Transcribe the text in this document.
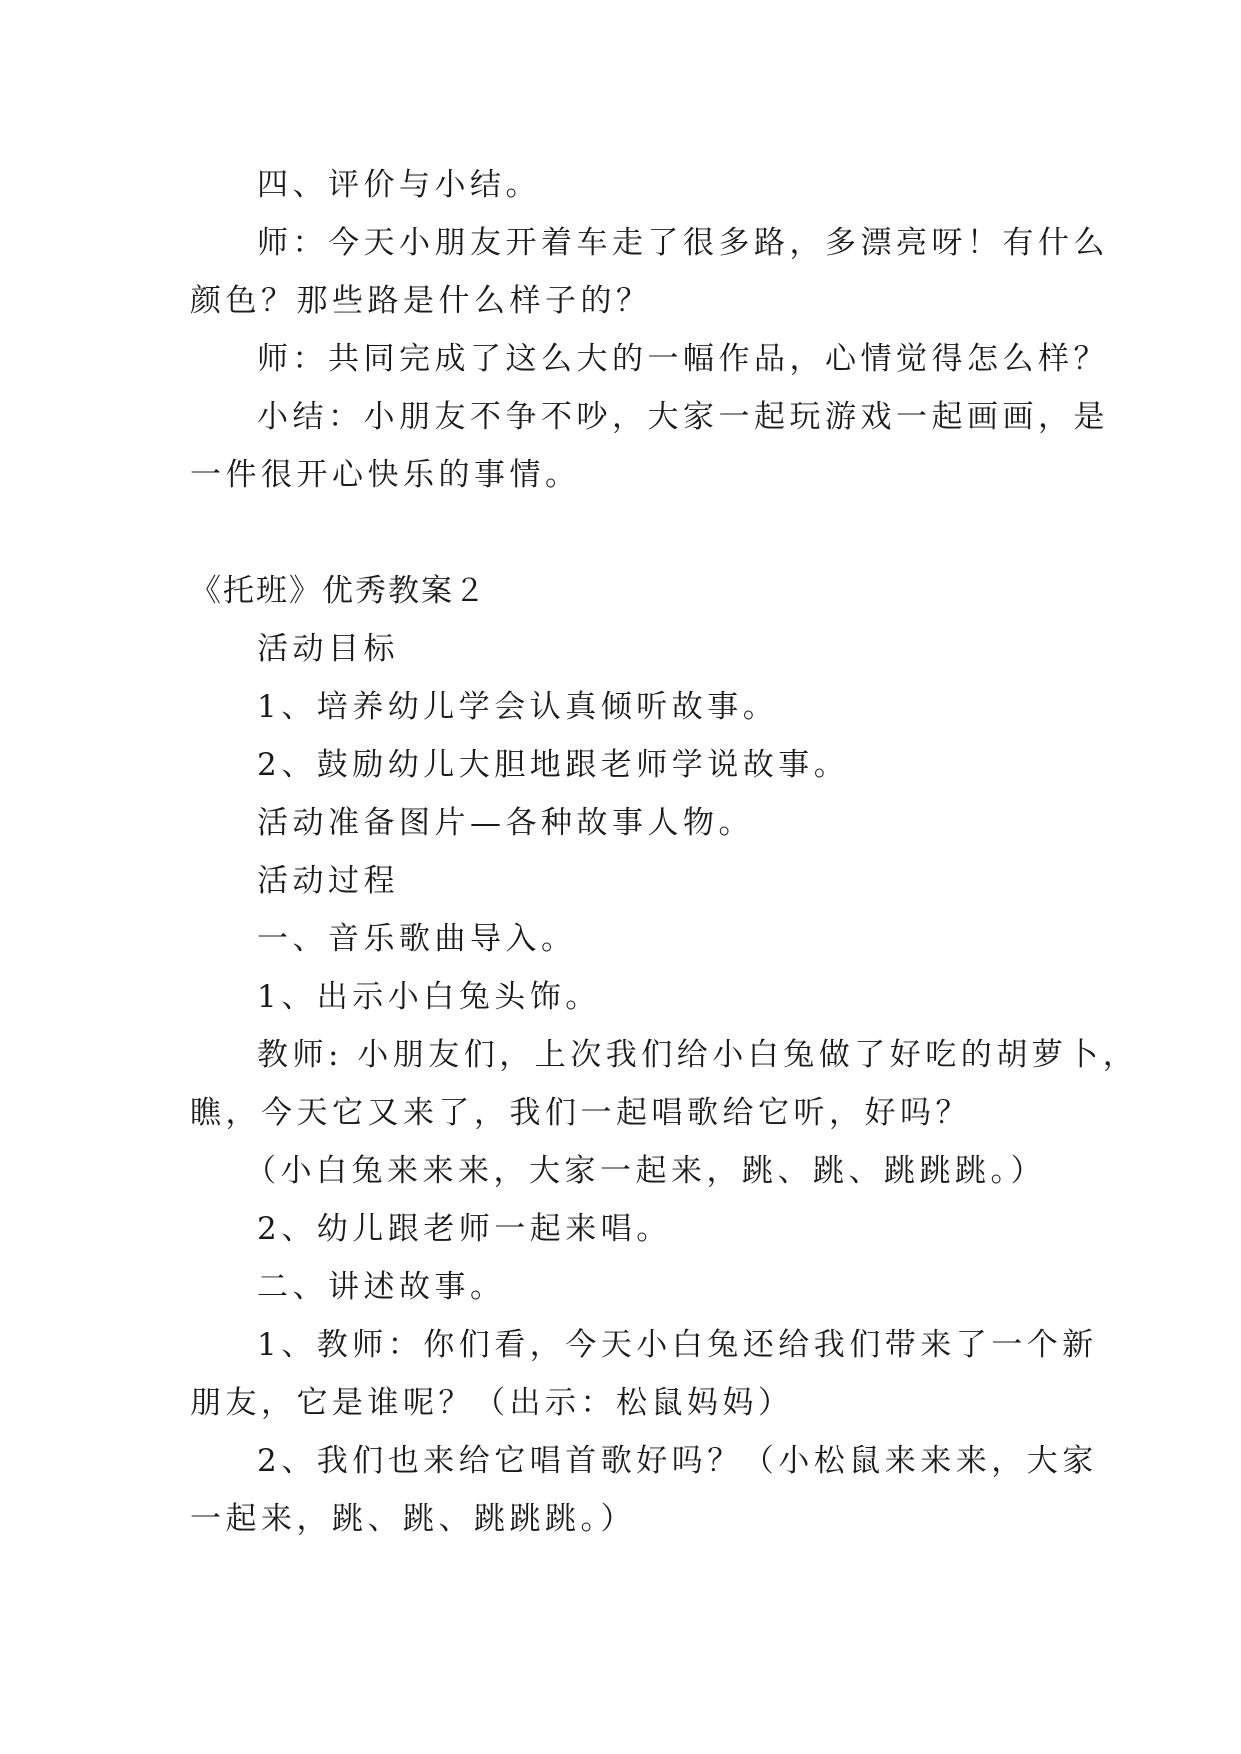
四、评价与小结。
师：今天小朋友开着车走了很多路，多漂亮呀！有什么
颜色？那些路是什么样子的？
师：共同完成了这么大的一幅作品，心情觉得怎么样？
小结：小朋友不争不吵，大家一起玩游戏一起画画，是
一件很开心快乐的事情。
《托班》优秀教案２
活动目标
1、培养幼儿学会认真倾听故事。
2、鼓励幼儿大胆地跟老师学说故事。
活动准备图片—各种故事人物。
活动过程
一、音乐歌曲导入。
1、出示小白兔头饰。
教师: 小朋友们，上次我们给小白兔做了好吃的胡萝卜，
瞧，今天它又来了，我们一起唱歌给它听，好吗？
（小白兔来来来，大家一起来，跳、跳、跳跳跳。）
2、幼儿跟老师一起来唱。
二、讲述故事。
1、教师：你们看，今天小白兔还给我们带来了一个新
朋友，它是谁呢？（出示：松鼠妈妈）
2、我们也来给它唱首歌好吗？（小松鼠来来来，大家
一起来，跳、跳、跳跳跳。）
